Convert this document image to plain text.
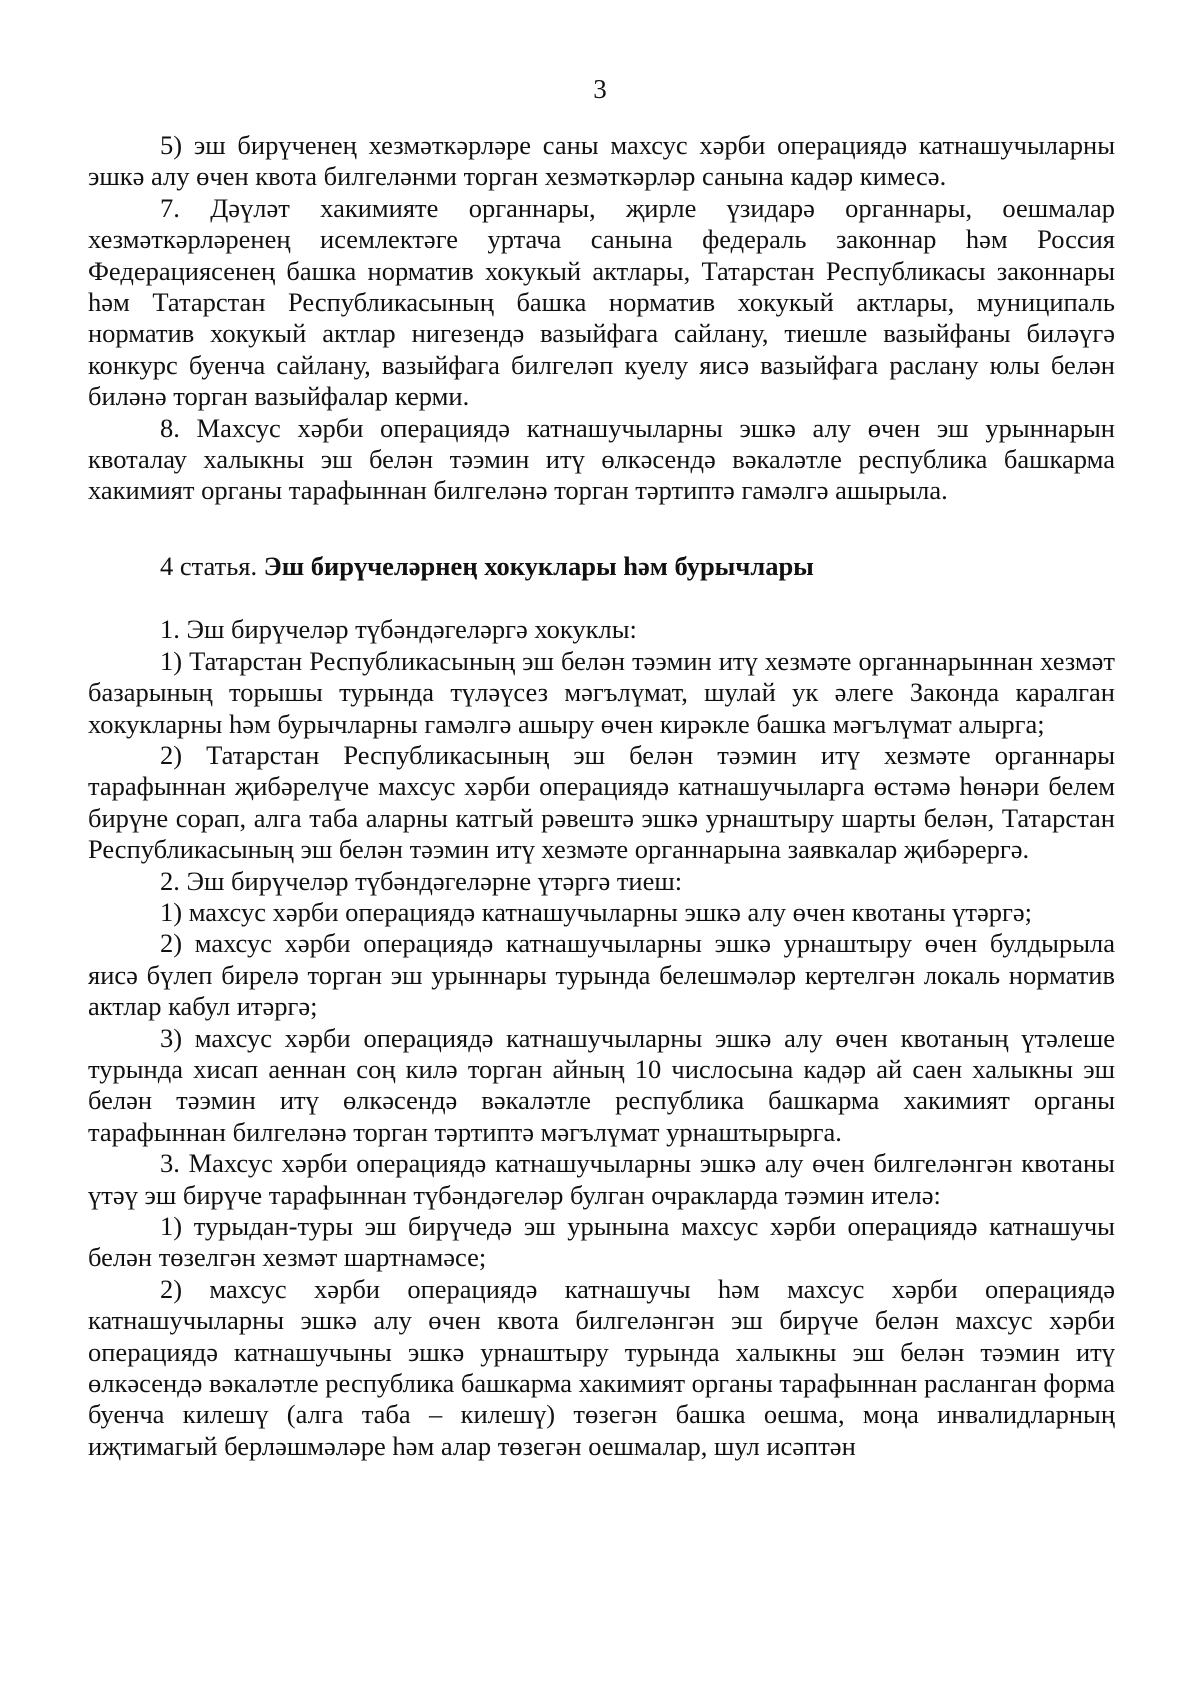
3

5) эш бирүченең хезмәткәрләре саны махсус хәрби операциядә катнашучыларны эшкә алу өчен квота билгеләнми торган хезмәткәрләр санына кадәр кимесә.

7. Дәүләт хакимияте органнары, җирле үзидарә органнары, оешмалар хезмәткәрләренең исемлектәге уртача санына федераль законнар һәм Россия Федерациясенең башка норматив хокукый актлары, Татарстан Республикасы законнары һәм Татарстан Республикасының башка норматив хокукый актлары, муниципаль норматив хокукый актлар нигезендә вазыйфага сайлану, тиешле вазыйфаны биләүгә конкурс буенча сайлану, вазыйфага билгеләп куелу яисә вазыйфага раслану юлы белән биләнә торган вазыйфалар керми.

8. Махсус хәрби операциядә катнашучыларны эшкә алу өчен эш урыннарын квоталау халыкны эш белән тәэмин итү өлкәсендә вәкаләтле республика башкарма хакимият органы тарафыннан билгеләнә торган тәртиптә гамәлгә ашырыла.

4 статья. Эш бирүчеләрнең хокуклары һәм бурычлары

1. Эш бирүчеләр түбәндәгеләргә хокуклы:

1) Татарстан Республикасының эш белән тәэмин итү хезмәте органнарыннан хезмәт базарының торышы турында түләүсез мәгълүмат, шулай ук әлеге Законда каралган хокукларны һәм бурычларны гамәлгә ашыру өчен кирәкле башка мәгълүмат алырга;

2) Татарстан Республикасының эш белән тәэмин итү хезмәте органнары тарафыннан җибәрелүче махсус хәрби операциядә катнашучыларга өстәмә һөнәри белем бирүне сорап, алга таба аларны катгый рәвештә эшкә урнаштыру шарты белән, Татарстан Республикасының эш белән тәэмин итү хезмәте органнарына заявкалар җибәрергә.

2. Эш бирүчеләр түбәндәгеләрне үтәргә тиеш:

1) махсус хәрби операциядә катнашучыларны эшкә алу өчен квотаны үтәргә;

2) махсус хәрби операциядә катнашучыларны эшкә урнаштыру өчен булдырыла яисә бүлеп бирелә торган эш урыннары турында белешмәләр кертелгән локаль норматив актлар кабул итәргә;

3) махсус хәрби операциядә катнашучыларны эшкә алу өчен квотаның үтәлеше турында хисап аеннан соң килә торган айның 10 числосына кадәр ай саен халыкны эш белән тәэмин итү өлкәсендә вәкаләтле республика башкарма хакимият органы тарафыннан билгеләнә торган тәртиптә мәгълүмат урнаштырырга.

3. Махсус хәрби операциядә катнашучыларны эшкә алу өчен билгеләнгән квотаны үтәү эш бирүче тарафыннан түбәндәгеләр булган очракларда тәэмин ителә:

1) турыдан-туры эш бирүчедә эш урынына махсус хәрби операциядә катнашучы белән төзелгән хезмәт шартнамәсе;

2) махсус хәрби операциядә катнашучы һәм махсус хәрби операциядә катнашучыларны эшкә алу өчен квота билгеләнгән эш бирүче белән махсус хәрби операциядә катнашучыны эшкә урнаштыру турында халыкны эш белән тәэмин итү өлкәсендә вәкаләтле республика башкарма хакимият органы тарафыннан расланган форма буенча килешү (алга таба – килешү) төзегән башка оешма, моңа инвалидларның иҗтимагый берләшмәләре һәм алар төзегән оешмалар, шул исәптән
